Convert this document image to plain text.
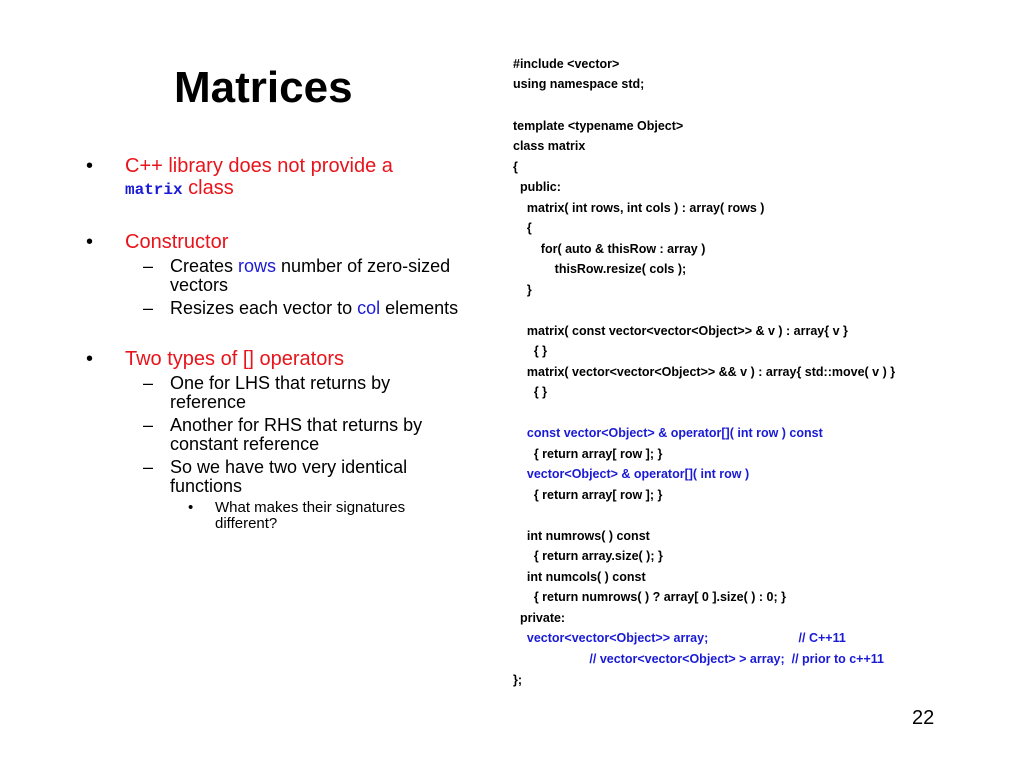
Matrices
• C++ library does not provide a
matrix class
• Constructor
– Creates rows number of zero-sized vectors
– Resizes each vector to col elements
• Two types of [] operators
– One for LHS that returns by reference
– Another for RHS that returns by constant reference
– So we have two very identical functions
• What makes their signatures different?
#include <vector>
using namespace std;
template <typename Object>
class matrix
{
public:
matrix( int rows, int cols ) : array( rows )
{
for( auto & thisRow : array )
thisRow.resize( cols );
}
matrix( const vector<vector<Object>> & v ) : array{ v }
{ }
matrix( vector<vector<Object>> && v ) : array{ std::move( v ) }
{ }
const vector<Object> & operator[]( int row ) const
{ return array[ row ]; }
vector<Object> & operator[]( int row )
{ return array[ row ]; }
int numrows( ) const
{ return array.size( ); }
int numcols( ) const
{ return numrows( ) ? array[ 0 ].size( ) : 0; }
private:
vector<vector<Object>> array;                          // C++11
// vector<vector<Object> > array;  // prior to c++11
};
22
